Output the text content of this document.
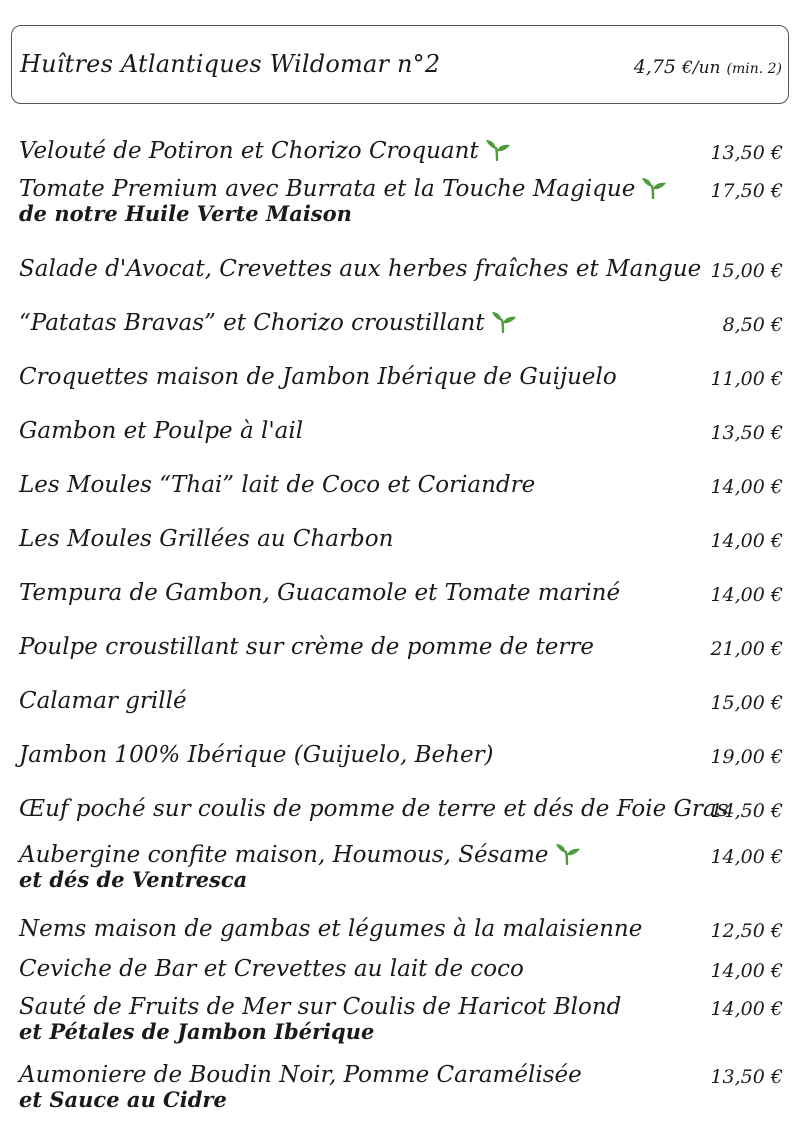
Huîtres Atlantiques Wildomar n°2	4,75 €/un (min. 2)
Velouté de Potiron et Chorizo Croquant	13,50 €
Tomate Premium avec Burrata et la Touche Magique
de notre Huile Verte Maison
17,50 €
Salade d'Avocat, Crevettes aux herbes fraîches et Mangue 15,00 €
“Patatas Bravas” et Chorizo croustillant	8,50 €
Croquettes maison de Jambon Ibérique de Guijuelo	11,00 €
Gambon et Poulpe à l'ail	13,50 €
Les Moules “Thai” lait de Coco et Coriandre	14,00 €
Les Moules Grillées au Charbon	14,00 €
Tempura de Gambon, Guacamole et Tomate mariné	14,00 €
Poulpe croustillant sur crème de pomme de terre	21,00 €
Calamar grillé	15,00 €
Jambon 100% Ibérique (Guijuelo, Beher)	19,00 €
Œuf poché sur coulis de pomme de terre et dés de Foie Gras
14,50 €
Aubergine confite maison, Houmous, Sésame
et dés de Ventresca
14,00 €
Nems maison de gambas et légumes à la malaisienne	12,50 €
Ceviche de Bar et Crevettes au lait de coco	14,00 €
Sauté de Fruits de Mer sur Coulis de Haricot Blond
et Pétales de Jambon Ibérique
14,00 €
Aumoniere de Boudin Noir, Pomme Caramélisée
et Sauce au Cidre
13,50 €
